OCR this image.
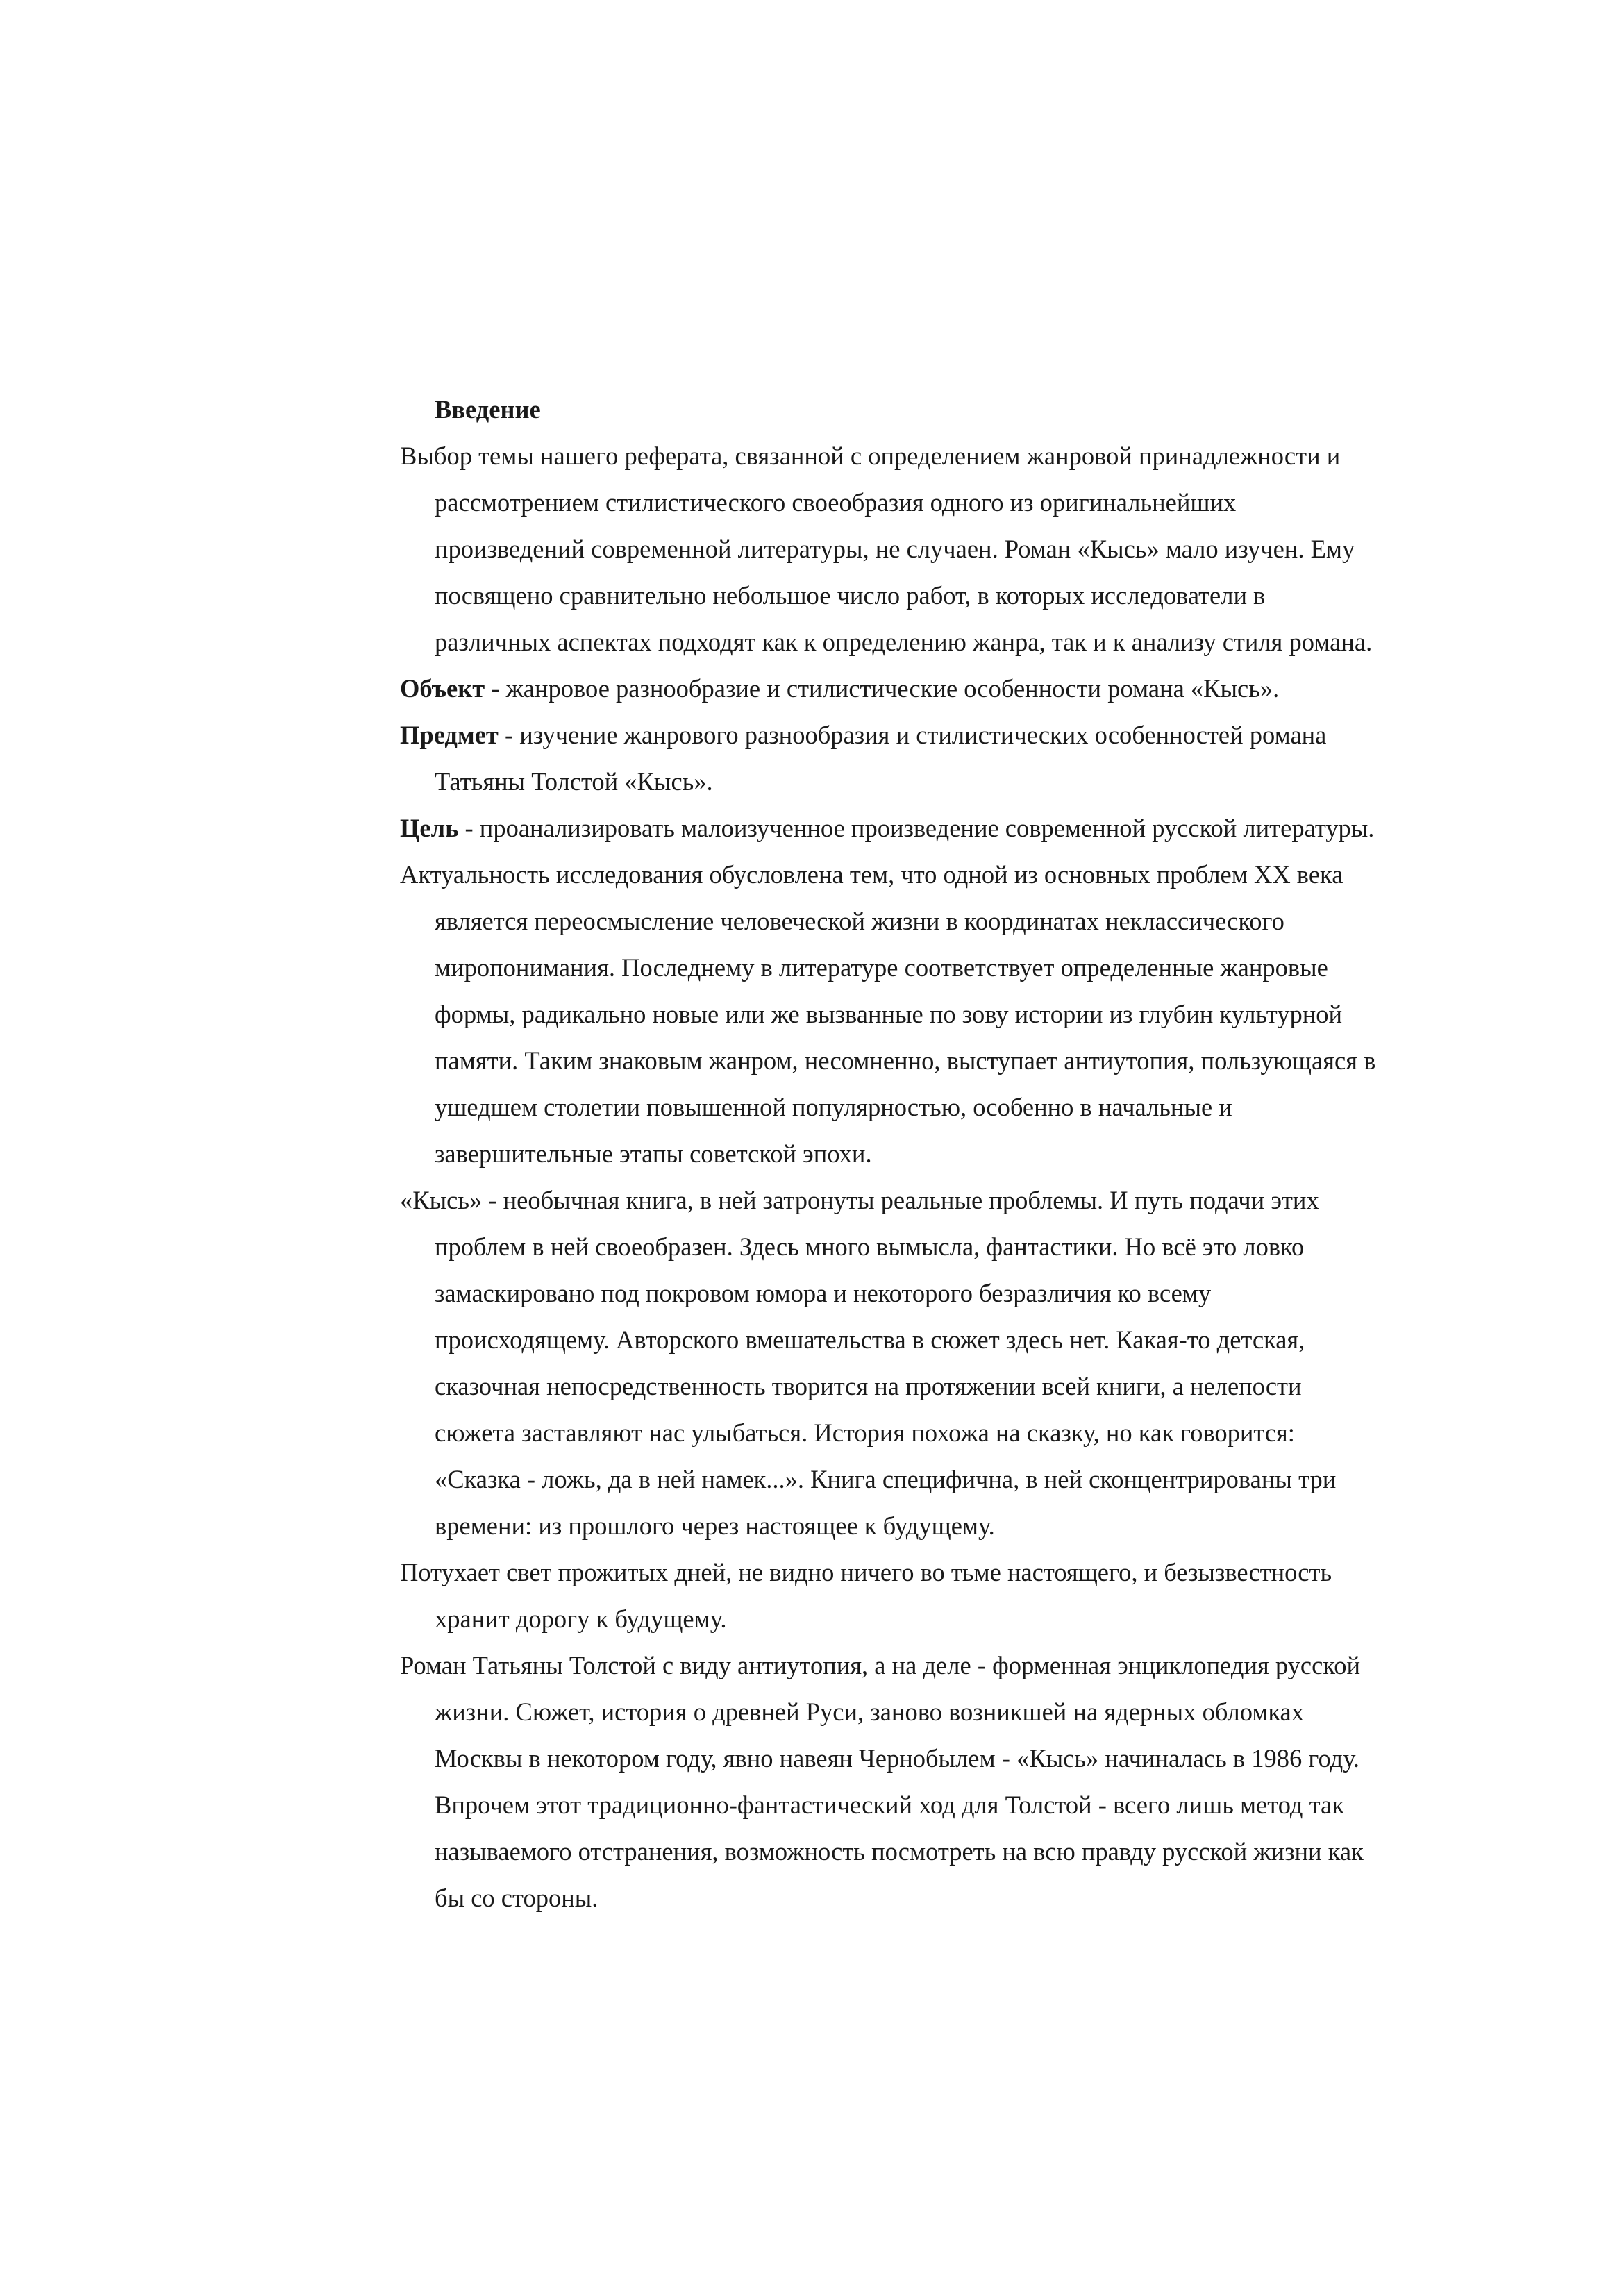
Введение

Выбор темы нашего реферата, связанной с определением жанровой принадлежности и рассмотрением стилистического своеобразия одного из оригинальнейших произведений современной литературы, не случаен. Роман «Кысь» мало изучен. Ему посвящено сравнительно небольшое число работ, в которых исследователи в различных аспектах подходят как к определению жанра, так и к анализу стиля романа.

Объект - жанровое разнообразие и стилистические особенности романа «Кысь».

Предмет - изучение жанрового разнообразия и стилистических особенностей романа Татьяны Толстой «Кысь».

Цель - проанализировать малоизученное произведение современной русской литературы.

Актуальность исследования обусловлена тем, что одной из основных проблем XX века является переосмысление человеческой жизни в координатах неклассического миропонимания. Последнему в литературе соответствует определенные жанровые формы, радикально новые или же вызванные по зову истории из глубин культурной памяти. Таким знаковым жанром, несомненно, выступает антиутопия, пользующаяся в ушедшем столетии повышенной популярностью, особенно в начальные и завершительные этапы советской эпохи.

«Кысь» - необычная книга, в ней затронуты реальные проблемы. И путь подачи этих проблем в ней своеобразен. Здесь много вымысла, фантастики. Но всё это ловко замаскировано под покровом юмора и некоторого безразличия ко всему происходящему. Авторского вмешательства в сюжет здесь нет. Какая-то детская, сказочная непосредственность творится на протяжении всей книги, а нелепости сюжета заставляют нас улыбаться. История похожа на сказку, но как говорится: «Сказка - ложь, да в ней намек...». Книга специфична, в ней сконцентрированы три времени: из прошлого через настоящее к будущему.

Потухает свет прожитых дней, не видно ничего во тьме настоящего, и безызвестность хранит дорогу к будущему.

Роман Татьяны Толстой с виду антиутопия, а на деле - форменная энциклопедия русской жизни. Сюжет, история о древней Руси, заново возникшей на ядерных обломках Москвы в некотором году, явно навеян Чернобылем - «Кысь» начиналась в 1986 году. Впрочем этот традиционно-фантастический ход для Толстой - всего лишь метод так называемого отстранения, возможность посмотреть на всю правду русской жизни как бы со стороны.
